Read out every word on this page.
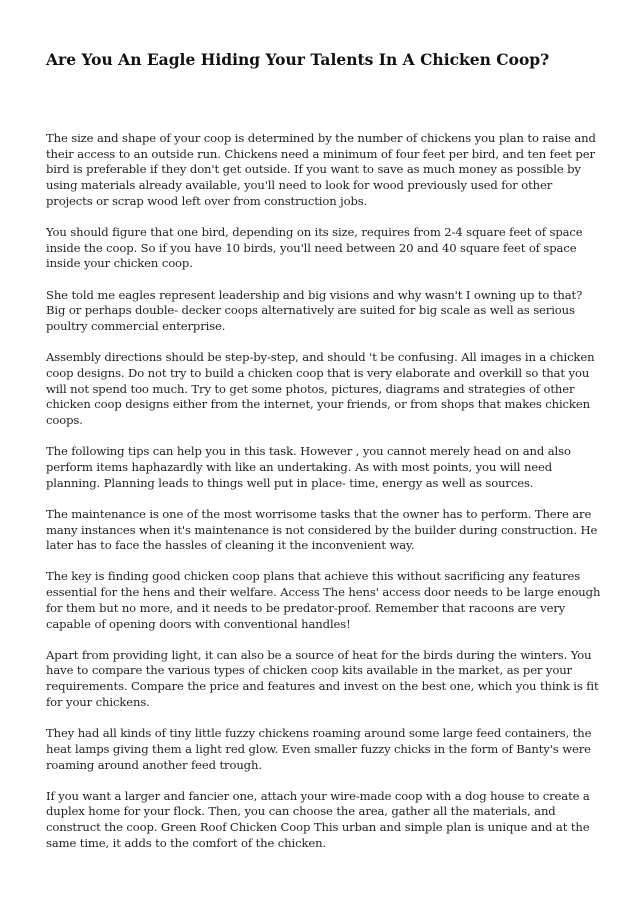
Are You An Eagle Hiding Your Talents In A Chicken Coop?

The size and shape of your coop is determined by the number of chickens you plan to raise and their access to an outside run. Chickens need a minimum of four feet per bird, and ten feet per bird is preferable if they don't get outside. If you want to save as much money as possible by using materials already available, you'll need to look for wood previously used for other projects or scrap wood left over from construction jobs.

You should figure that one bird, depending on its size, requires from 2-4 square feet of space inside the coop. So if you have 10 birds, you'll need between 20 and 40 square feet of space inside your chicken coop.

She told me eagles represent leadership and big visions and why wasn't I owning up to that? Big or perhaps double- decker coops alternatively are suited for big scale as well as serious poultry commercial enterprise.

Assembly directions should be step-by-step, and should 't be confusing. All images in a chicken coop designs. Do not try to build a chicken coop that is very elaborate and overkill so that you will not spend too much. Try to get some photos, pictures, diagrams and strategies of other chicken coop designs either from the internet, your friends, or from shops that makes chicken coops.

The following tips can help you in this task. However , you cannot merely head on and also perform items haphazardly with like an undertaking. As with most points, you will need planning. Planning leads to things well put in place- time, energy as well as sources.

The maintenance is one of the most worrisome tasks that the owner has to perform. There are many instances when it's maintenance is not considered by the builder during construction. He later has to face the hassles of cleaning it the inconvenient way.

The key is finding good chicken coop plans that achieve this without sacrificing any features essential for the hens and their welfare. Access The hens' access door needs to be large enough for them but no more, and it needs to be predator-proof. Remember that racoons are very capable of opening doors with conventional handles!

Apart from providing light, it can also be a source of heat for the birds during the winters. You have to compare the various types of chicken coop kits available in the market, as per your requirements. Compare the price and features and invest on the best one, which you think is fit for your chickens.

They had all kinds of tiny little fuzzy chickens roaming around some large feed containers, the heat lamps giving them a light red glow. Even smaller fuzzy chicks in the form of Banty's were roaming around another feed trough.

If you want a larger and fancier one, attach your wire-made coop with a dog house to create a duplex home for your flock. Then, you can choose the area, gather all the materials, and construct the coop. Green Roof Chicken Coop This urban and simple plan is unique and at the same time, it adds to the comfort of the chicken.
